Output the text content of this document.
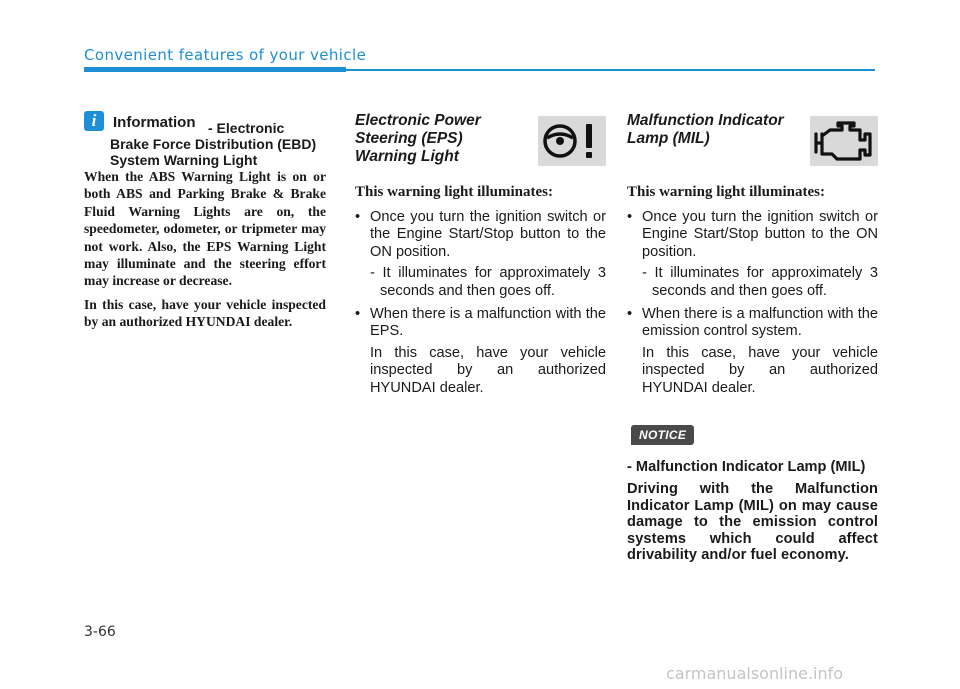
Convenient features of your vehicle
i	Information - Electronic
Brake Force Distribution (EBD) System Warning Light

When the ABS Warning Light is on or both ABS and Parking Brake & Brake Fluid Warning Lights are on, the speedometer, odometer, or tripmeter may not work. Also, the EPS Warning Light may illuminate and the steering effort may increase or decrease.

In this case, have your vehicle inspected by an authorized HYUNDAI dealer.

Electronic Power Steering (EPS) Warning Light

This warning light illuminates:

• Once you turn the ignition switch or the Engine Start/Stop button to the ON position.
- It illuminates for approximately 3 seconds and then goes off.
• When there is a malfunction with the EPS.
In this case, have your vehicle inspected by an authorized HYUNDAI dealer.
Malfunction Indicator Lamp (MIL)

This warning light illuminates:

• Once you turn the ignition switch or Engine Start/Stop button to the ON position.
- It illuminates for approximately 3 seconds and then goes off.
• When there is a malfunction with the emission control system.
In this case, have your vehicle inspected by an authorized HYUNDAI dealer.
NOTICE

- Malfunction Indicator Lamp (MIL)

Driving with the Malfunction Indicator Lamp (MIL) on may cause damage to the emission control systems which could affect drivability and/or fuel economy.

3-66
carmanualsonline.info
